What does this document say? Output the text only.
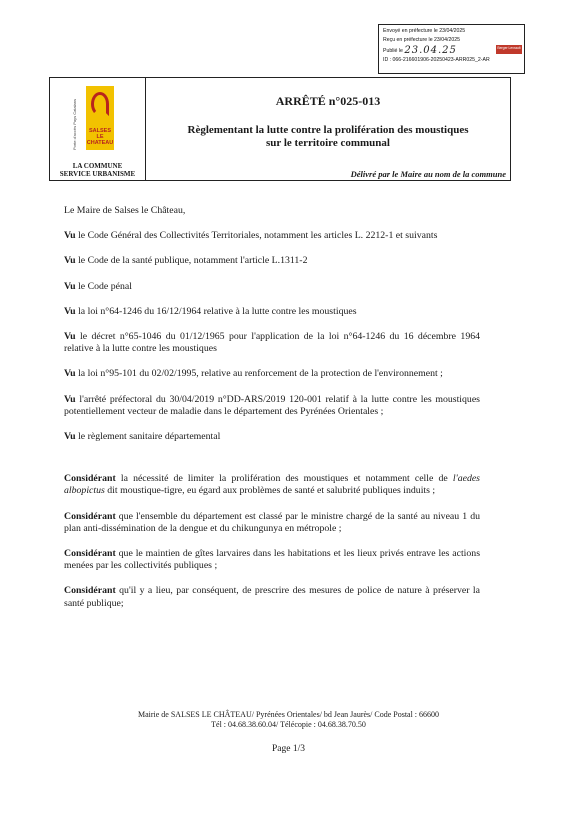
Envoyé en préfecture le 23/04/2025
Reçu en préfecture le 23/04/2025
Publié le 23.04.25
ID : 066-216601906-20250423-ARR025_2-AR
Berger Levrault
Porte d'accès Pays Catalans	SALSES LE CHATEAU
LA COMMUNE
SERVICE URBANISME
ARRÊTÉ n°025-013
Règlementant la lutte contre la prolifération des moustiques
sur le territoire communal
Délivré par le Maire au nom de la commune

Le Maire de Salses le Château,

Vu le Code Général des Collectivités Territoriales, notamment les articles L. 2212-1 et suivants

Vu le Code de la santé publique, notamment l'article L.1311-2

Vu le Code pénal

Vu la loi n°64-1246 du 16/12/1964 relative à la lutte contre les moustiques

Vu le décret n°65-1046 du 01/12/1965 pour l'application de la loi n°64-1246 du 16 décembre 1964 relative à la lutte contre les moustiques

Vu la loi n°95-101 du 02/02/1995, relative au renforcement de la protection de l'environnement ;

Vu l'arrêté préfectoral du 30/04/2019 n°DD-ARS/2019 120-001 relatif à la lutte contre les moustiques potentiellement vecteur de maladie dans le département des Pyrénées Orientales ;

Vu le règlement sanitaire départemental

Considérant la nécessité de limiter la prolifération des moustiques et notamment celle de l'aedes albopictus dit moustique-tigre, eu égard aux problèmes de santé et salubrité publiques induits ;

Considérant que l'ensemble du département est classé par le ministre chargé de la santé au niveau 1 du plan anti-dissémination de la dengue et du chikungunya en métropole ;

Considérant que le maintien de gîtes larvaires dans les habitations et les lieux privés entrave les actions menées par les collectivités publiques ;

Considérant qu'il y a lieu, par conséquent, de prescrire des mesures de police de nature à préserver la santé publique;

Mairie de SALSES LE CHÂTEAU/ Pyrénées Orientales/ bd Jean Jaurès/ Code Postal : 66600
Tél : 04.68.38.60.04/ Télécopie : 04.68.38.70.50
Page 1/3
